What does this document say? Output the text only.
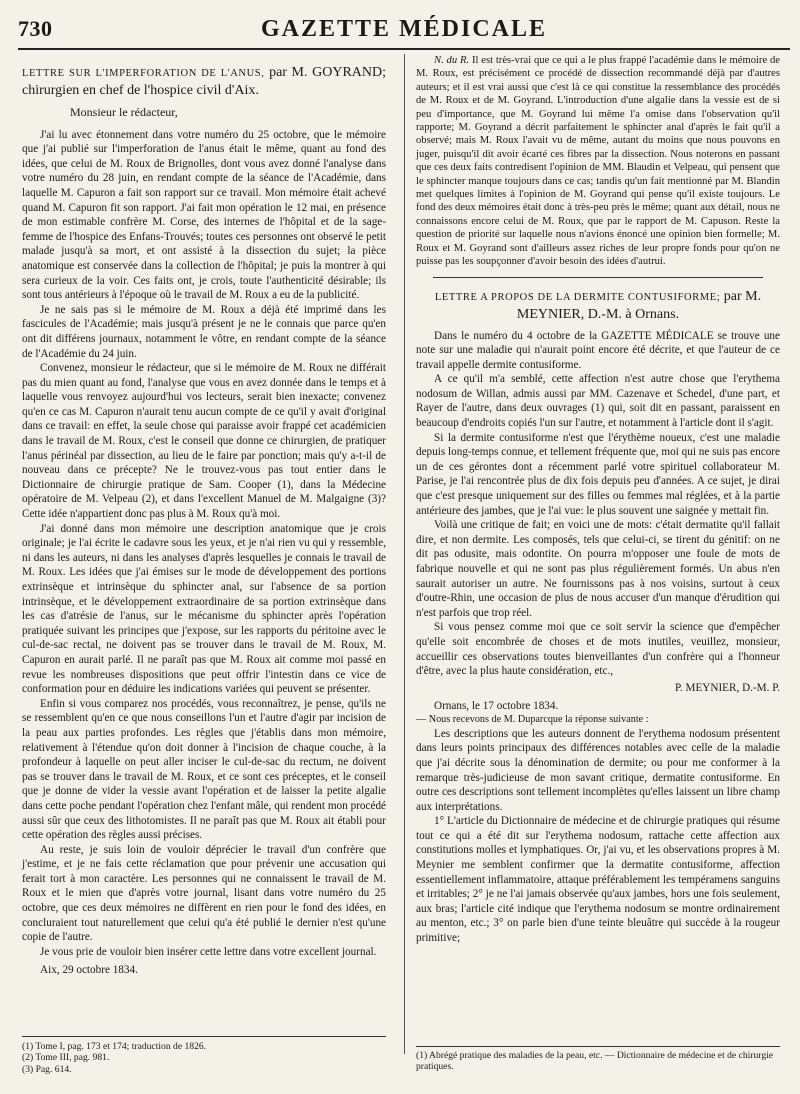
730	GAZETTE MÉDICALE

LETTRE SUR L'IMPERFORATION DE L'ANUS, par M. GOYRAND; chirurgien en chef de l'hospice civil d'Aix.

Monsieur le rédacteur,

J'ai lu avec étonnement dans votre numéro du 25 octobre, que le mémoire que j'ai publié sur l'imperforation de l'anus était le même, quant au fond des idées, que celui de M. Roux de Brignolles, dont vous avez donné l'analyse dans votre numéro du 28 juin, en rendant compte de la séance de l'Académie, dans laquelle M. Capuron a fait son rapport sur ce travail. Mon mémoire était achevé quand M. Capuron fit son rapport. J'ai fait mon opération le 12 mai, en présence de mon estimable confrère M. Corse, des internes de l'hôpital et de la sage-femme de l'hospice des Enfans-Trouvés; toutes ces personnes ont observé le petit malade jusqu'à sa mort, et ont assisté à la dissection du sujet; la pièce anatomique est conservée dans la collection de l'hôpital; je puis la montrer à qui sera curieux de la voir. Ces faits ont, je crois, toute l'authenticité désirable; ils sont tous antérieurs à l'époque où le travail de M. Roux a eu de la publicité.

Je ne sais pas si le mémoire de M. Roux a déjà été imprimé dans les fascicules de l'Académie; mais jusqu'à présent je ne le connais que parce qu'en ont dit différens journaux, notamment le vôtre, en rendant compte de la séance de l'Académie du 24 juin.

Convenez, monsieur le rédacteur, que si le mémoire de M. Roux ne différait pas du mien quant au fond, l'analyse que vous en avez donnée dans le temps et à laquelle vous renvoyez aujourd'hui vos lecteurs, serait bien inexacte; convenez qu'en ce cas M. Capuron n'aurait tenu aucun compte de ce qu'il y avait d'original dans ce travail: en effet, la seule chose qui paraisse avoir frappé cet académicien dans le travail de M. Roux, c'est le conseil que donne ce chirurgien, de pratiquer l'anus périnéal par dissection, au lieu de le faire par ponction; mais qu'y a-t-il de nouveau dans ce précepte? Ne le trouvez-vous pas tout entier dans le Dictionnaire de chirurgie pratique de Sam. Cooper (1), dans la Médecine opératoire de M. Velpeau (2), et dans l'excellent Manuel de M. Malgaigne (3)? Cette idée n'appartient donc pas plus à M. Roux qu'à moi.

J'ai donné dans mon mémoire une description anatomique que je crois originale; je l'ai écrite le cadavre sous les yeux, et je n'ai rien vu qui y ressemble, ni dans les auteurs, ni dans les analyses d'après lesquelles je connais le travail de M. Roux. Les idées que j'ai émises sur le mode de développement des portions extrinsèque et intrinsèque du sphincter anal, sur l'absence de sa portion intrinsèque, et le développement extraordinaire de sa portion extrinsèque dans les cas d'atrésie de l'anus, sur le mécanisme du sphincter après l'opération pratiquée suivant les principes que j'expose, sur les rapports du péritoine avec le cul-de-sac rectal, ne doivent pas se trouver dans le travail de M. Roux, M. Capuron en aurait parlé. Il ne paraît pas que M. Roux ait comme moi passé en revue les nombreuses dispositions que peut offrir l'intestin dans ce vice de conformation pour en déduire les indications variées qui peuvent se présenter.

Enfin si vous comparez nos procédés, vous reconnaîtrez, je pense, qu'ils ne se ressemblent qu'en ce que nous conseillons l'un et l'autre d'agir par incision de la peau aux parties profondes. Les règles que j'établis dans mon mémoire, relativement à l'étendue qu'on doit donner à l'incision de chaque couche, à la profondeur à laquelle on peut aller inciser le cul-de-sac du rectum, ne doivent pas se trouver dans le travail de M. Roux, et ce sont ces préceptes, et le conseil que je donne de vider la vessie avant l'opération et de laisser la petite algalie dans cette poche pendant l'opération chez l'enfant mâle, qui rendent mon procédé aussi sûr que ceux des lithotomistes. Il ne paraît pas que M. Roux ait établi pour cette opération des règles aussi précises.

Au reste, je suis loin de vouloir déprécier le travail d'un confrère que j'estime, et je ne fais cette réclamation que pour prévenir une accusation qui ferait tort à mon caractère. Les personnes qui ne connaissent le travail de M. Roux et le mien que d'après votre journal, lisant dans votre numéro du 25 octobre, que ces deux mémoires ne diffèrent en rien pour le fond des idées, en concluraient tout naturellement que celui qu'a été publié le dernier n'est qu'une copie de l'autre.

Je vous prie de vouloir bien insérer cette lettre dans votre excellent journal.

Aix, 29 octobre 1834.

(1) Tome I, pag. 173 et 174; traduction de 1826.

(2) Tome III, pag. 981.

(3) Pag. 614.

N. du R. Il est très-vrai que ce qui a le plus frappé l'académie dans le mémoire de M. Roux, est précisément ce procédé de dissection recommandé déjà par d'autres auteurs; et il est vrai aussi que c'est là ce qui constitue la ressemblance des procédés de M. Roux et de M. Goyrand. L'introduction d'une algalie dans la vessie est de si peu d'importance, que M. Goyrand lui même l'a omise dans l'observation qu'il rapporte; M. Goyrand a décrit parfaitement le sphincter anal d'après le fait qu'il a observé; mais M. Roux l'avait vu de même, autant du moins que nous pouvons en juger, puisqu'il dit avoir écarté ces fibres par la dissection. Nous noterons en passant que ces deux faits contredisent l'opinion de MM. Blaudin et Velpeau, qui pensent que le sphincter manque toujours dans ce cas; tandis qu'un fait mentionné par M. Blandin met quelques limites à l'opinion de M. Goyrand qui pense qu'il existe toujours. Le fond des deux mémoires était donc à très-peu près le même; quant aux détail, nous ne connaissons encore celui de M. Roux, que par le rapport de M. Capuson. Reste la question de priorité sur laquelle nous n'avions énoncé une opinion bien formelle; M. Roux et M. Goyrand sont d'ailleurs assez riches de leur propre fonds pour qu'on ne puisse pas les soupçonner d'avoir besoin des idées d'autrui.

LETTRE A PROPOS DE LA DERMITE CONTUSIFORME; par M. MEYNIER, D.-M. à Ornans.

Dans le numéro du 4 octobre de la GAZETTE MÉDICALE se trouve une note sur une maladie qui n'aurait point encore été décrite, et que l'auteur de ce travail appelle dermite contusiforme.

A ce qu'il m'a semblé, cette affection n'est autre chose que l'erythema nodosum de Willan, admis aussi par MM. Cazenave et Schedel, d'une part, et Rayer de l'autre, dans deux ouvrages (1) qui, soit dit en passant, paraissent en beaucoup d'endroits copiés l'un sur l'autre, et notamment à l'article dont il s'agit.

Si la dermite contusiforme n'est que l'érythème noueux, c'est une maladie depuis long-temps connue, et tellement fréquente que, moi qui ne suis pas encore un de ces gérontes dont a récemment parlé votre spirituel collaborateur M. Parise, je l'ai rencontrée plus de dix fois depuis peu d'années. A ce sujet, je dirai que c'est presque uniquement sur des filles ou femmes mal réglées, et à la partie antérieure des jambes, que je l'ai vue: le plus souvent une saignée y mettait fin.

Voilà une critique de fait; en voici une de mots: c'était dermatite qu'il fallait dire, et non dermite. Les composés, tels que celui-ci, se tirent du génitif: on ne dit pas odusite, mais odontite. On pourra m'opposer une foule de mots de fabrique nouvelle et qui ne sont pas plus régulièrement formés. Un abus n'en saurait autoriser un autre. Ne fournissons pas à nos voisins, surtout à ceux d'outre-Rhin, une occasion de plus de nous accuser d'un manque d'érudition qui n'est parfois que trop réel.

Si vous pensez comme moi que ce soit servir la science que d'empêcher qu'elle soit encombrée de choses et de mots inutiles, veuillez, monsieur, accueillir ces observations toutes bienveillantes d'un confrère qui a l'honneur d'être, avec la plus haute considération, etc.,

P. MEYNIER, D.-M. P.

Ornans, le 17 octobre 1834.

— Nous recevons de M. Duparcque la réponse suivante :

Les descriptions que les auteurs donnent de l'erythema nodosum présentent dans leurs points principaux des différences notables avec celle de la maladie que j'ai décrite sous la dénomination de dermite; ou pour me conformer à la remarque très-judicieuse de mon savant critique, dermatite contusiforme. En outre ces descriptions sont tellement incomplètes qu'elles laissent un libre champ aux interprétations.

1° L'article du Dictionnaire de médecine et de chirurgie pratiques qui résume tout ce qui a été dit sur l'erythema nodosum, rattache cette affection aux constitutions molles et lymphatiques. Or, j'ai vu, et les observations propres à M. Meynier me semblent confirmer que la dermatite contusiforme, affection essentiellement inflammatoire, attaque préférablement les tempéramens sanguins et irritables; 2° je ne l'ai jamais observée qu'aux jambes, hors une fois seulement, aux bras; l'article cité indique que l'erythema nodosum se montre ordinairement au menton, etc.; 3° on parle bien d'une teinte bleuâtre qui succède à la rougeur primitive;

(1) Abrégé pratique des maladies de la peau, etc. — Dictionnaire de médecine et de chirurgie pratiques.
